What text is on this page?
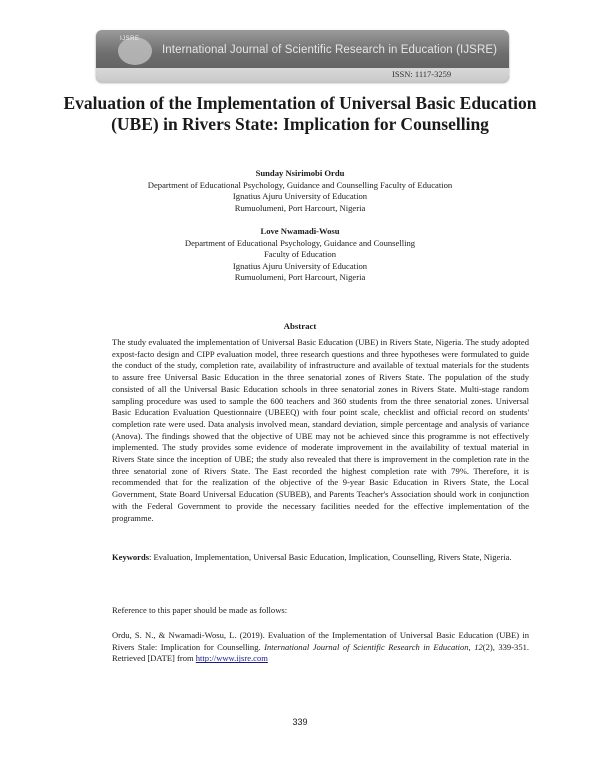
IJSRE
International Journal of Scientific Research in Education (IJSRE)
ISSN: 1117-3259
Evaluation of the Implementation of Universal Basic Education (UBE) in Rivers State: Implication for Counselling
Sunday Nsirimobi Ordu
Department of Educational Psychology, Guidance and Counselling Faculty of Education
Ignatius Ajuru University of Education
Rumuolumeni, Port Harcourt, Nigeria
Love Nwamadi-Wosu
Department of Educational Psychology, Guidance and Counselling
Faculty of Education
Ignatius Ajuru University of Education
Rumuolumeni, Port Harcourt, Nigeria
Abstract

The study evaluated the implementation of Universal Basic Education (UBE) in Rivers State, Nigeria. The study adopted expost-facto design and CIPP evaluation model, three research questions and three hypotheses were formulated to guide the conduct of the study, completion rate, availability of infrastructure and available of textual materials for the students to assure free Universal Basic Education in the three senatorial zones of Rivers State. The population of the study consisted of all the Universal Basic Education schools in three senatorial zones in Rivers State. Multi-stage random sampling procedure was used to sample the 600 teachers and 360 students from the three senatorial zones. Universal Basic Education Evaluation Questionnaire (UBEEQ) with four point scale, checklist and official record on students' completion rate were used. Data analysis involved mean, standard deviation, simple percentage and analysis of variance (Anova). The findings showed that the objective of UBE may not be achieved since this programme is not effectively implemented. The study provides some evidence of moderate improvement in the availability of textual material in Rivers State since the inception of UBE; the study also revealed that there is improvement in the completion rate in the three senatorial zone of Rivers State. The East recorded the highest completion rate with 79%. Therefore, it is recommended that for the realization of the objective of the 9-year Basic Education in Rivers State, the Local Government, State Board Universal Education (SUBEB), and Parents Teacher's Association should work in conjunction with the Federal Government to provide the necessary facilities needed for the effective implementation of the programme.

Keywords: Evaluation, Implementation, Universal Basic Education, Implication, Counselling, Rivers State, Nigeria.

Reference to this paper should be made as follows:

Ordu, S. N., & Nwamadi-Wosu, L. (2019). Evaluation of the Implementation of Universal Basic Education (UBE) in Rivers Stale: Implication for Counselling. International Journal of Scientific Research in Education, 12(2), 339-351. Retrieved [DATE] from http://www.ijsre.com

339
